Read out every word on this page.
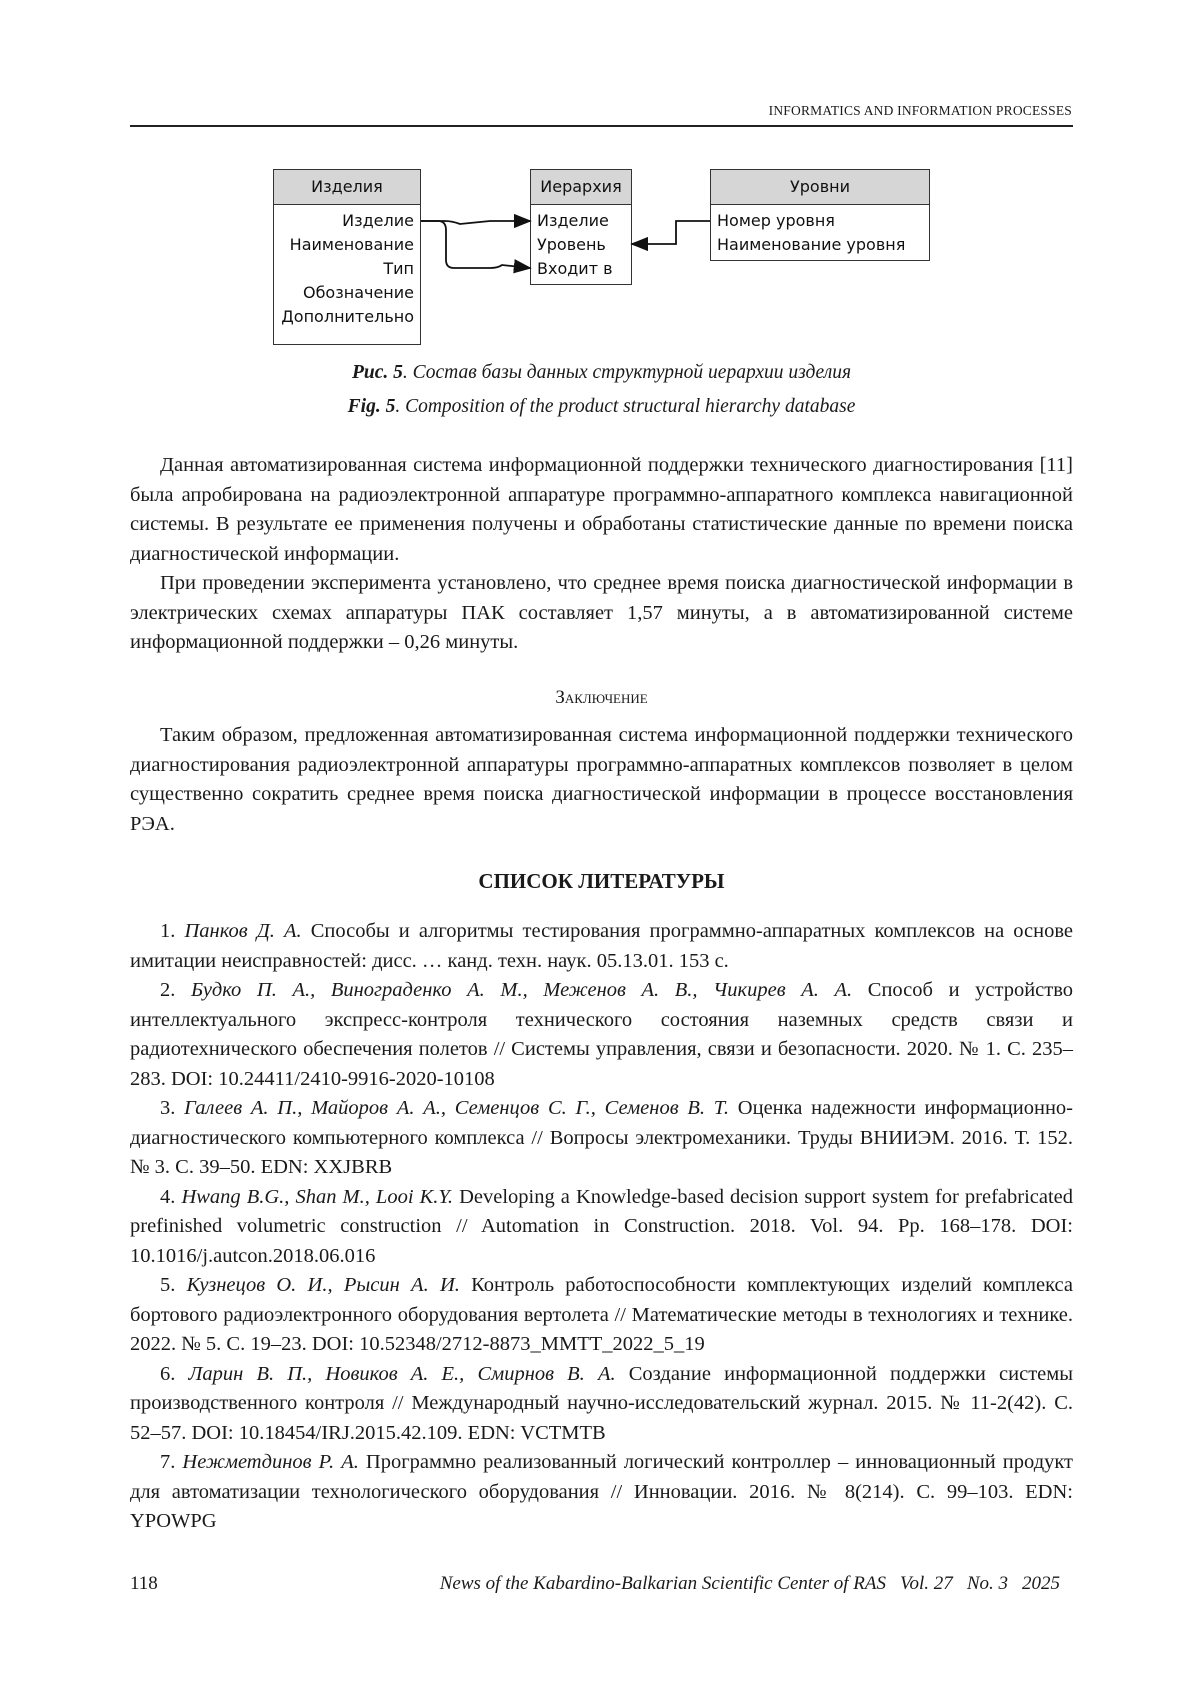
INFORMATICS AND INFORMATION PROCESSES
Изделия
Изделие
Наименование
Тип
Обозначение
Дополнительно
Иерархия
Изделие
Уровень
Входит в
Уровни
Номер уровня
Наименование уровня
Рис. 5. Состав базы данных структурной иерархии изделия
Fig. 5. Composition of the product structural hierarchy database

Данная автоматизированная система информационной поддержки технического диагностирования [11] была апробирована на радиоэлектронной аппаратуре программно-аппаратного комплекса навигационной системы. В результате ее применения получены и обработаны статистические данные по времени поиска диагностической информации.

При проведении эксперимента установлено, что среднее время поиска диагностической информации в электрических схемах аппаратуры ПАК составляет 1,57 минуты, а в автоматизированной системе информационной поддержки – 0,26 минуты.

Заключение

Таким образом, предложенная автоматизированная система информационной поддержки технического диагностирования радиоэлектронной аппаратуры программно-аппаратных комплексов позволяет в целом существенно сократить среднее время поиска диагностической информации в процессе восстановления РЭА.

СПИСОК ЛИТЕРАТУРЫ

1. Панков Д. А. Способы и алгоритмы тестирования программно-аппаратных комплексов на основе имитации неисправностей: дисс. … канд. техн. наук. 05.13.01. 153 с.

2. Будко П. А., Винограденко А. М., Меженов А. В., Чикирев А. А. Способ и устройство интеллектуального экспресс-контроля технического состояния наземных средств связи и радиотехнического обеспечения полетов // Системы управления, связи и безопасности. 2020. № 1. С. 235–283. DOI: 10.24411/2410-9916-2020-10108

3. Галеев А. П., Майоров А. А., Семенцов С. Г., Семенов В. Т. Оценка надежности информационно-диагностического компьютерного комплекса // Вопросы электромеханики. Труды ВНИИЭМ. 2016. Т. 152. № 3. С. 39–50. EDN: XXJBRB

4. Hwang B.G., Shan M., Looi K.Y. Developing a Knowledge-based decision support system for prefabricated prefinished volumetric construction // Automation in Construction. 2018. Vol. 94. Pp. 168–178. DOI: 10.1016/j.autcon.2018.06.016

5. Кузнецов О. И., Рысин А. И. Контроль работоспособности комплектующих изделий комплекса бортового радиоэлектронного оборудования вертолета // Математические методы в технологиях и технике. 2022. № 5. С. 19–23. DOI: 10.52348/2712-8873_MMTT_2022_5_19

6. Ларин В. П., Новиков А. Е., Смирнов В. А. Создание информационной поддержки системы производственного контроля // Международный научно-исследовательский журнал. 2015. № 11-2(42). С. 52–57. DOI: 10.18454/IRJ.2015.42.109. EDN: VCTMTB

7. Нежметдинов Р. А. Программно реализованный логический контроллер – инновационный продукт для автоматизации технологического оборудования // Инновации. 2016. № 8(214). С. 99–103. EDN: YPOWPG

118	News of the Kabardino-Balkarian Scientific Center of RAS Vol. 27 No. 3 2025
